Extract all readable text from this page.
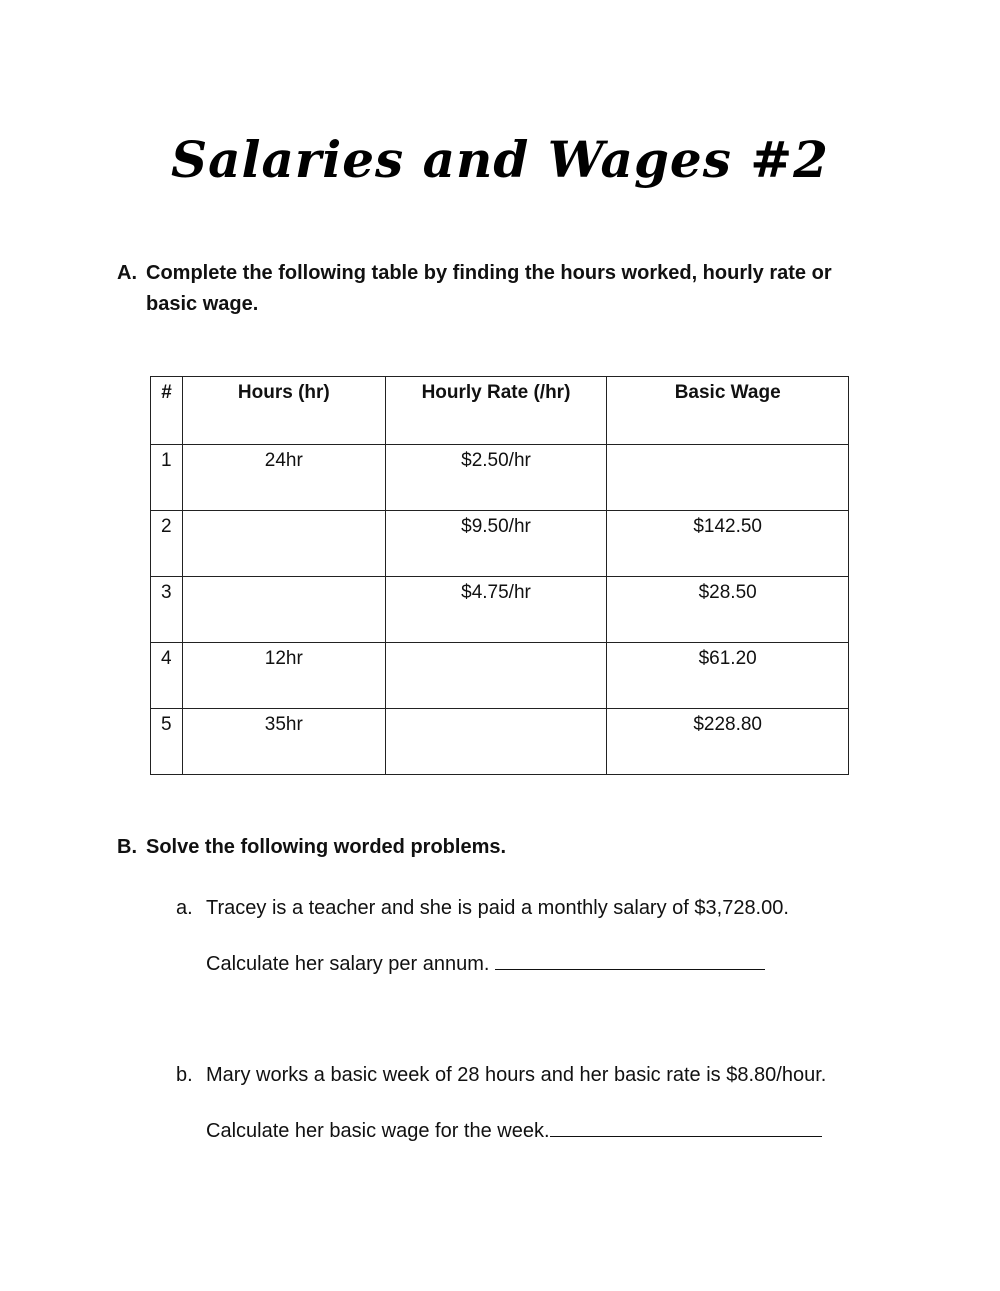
Salaries and Wages #2
A. Complete the following table by finding the hours worked, hourly rate or basic wage.
#	Hours (hr)	Hourly Rate (/hr)	Basic Wage
1	24hr	$2.50/hr	
2		$9.50/hr	$142.50
3		$4.75/hr	$28.50
4	12hr		$61.20
5	35hr		$228.80
B. Solve the following worded problems.
a. Tracey is a teacher and she is paid a monthly salary of $3,728.00.
Calculate her salary per annum.
b. Mary works a basic week of 28 hours and her basic rate is $8.80/hour.
Calculate her basic wage for the week.
